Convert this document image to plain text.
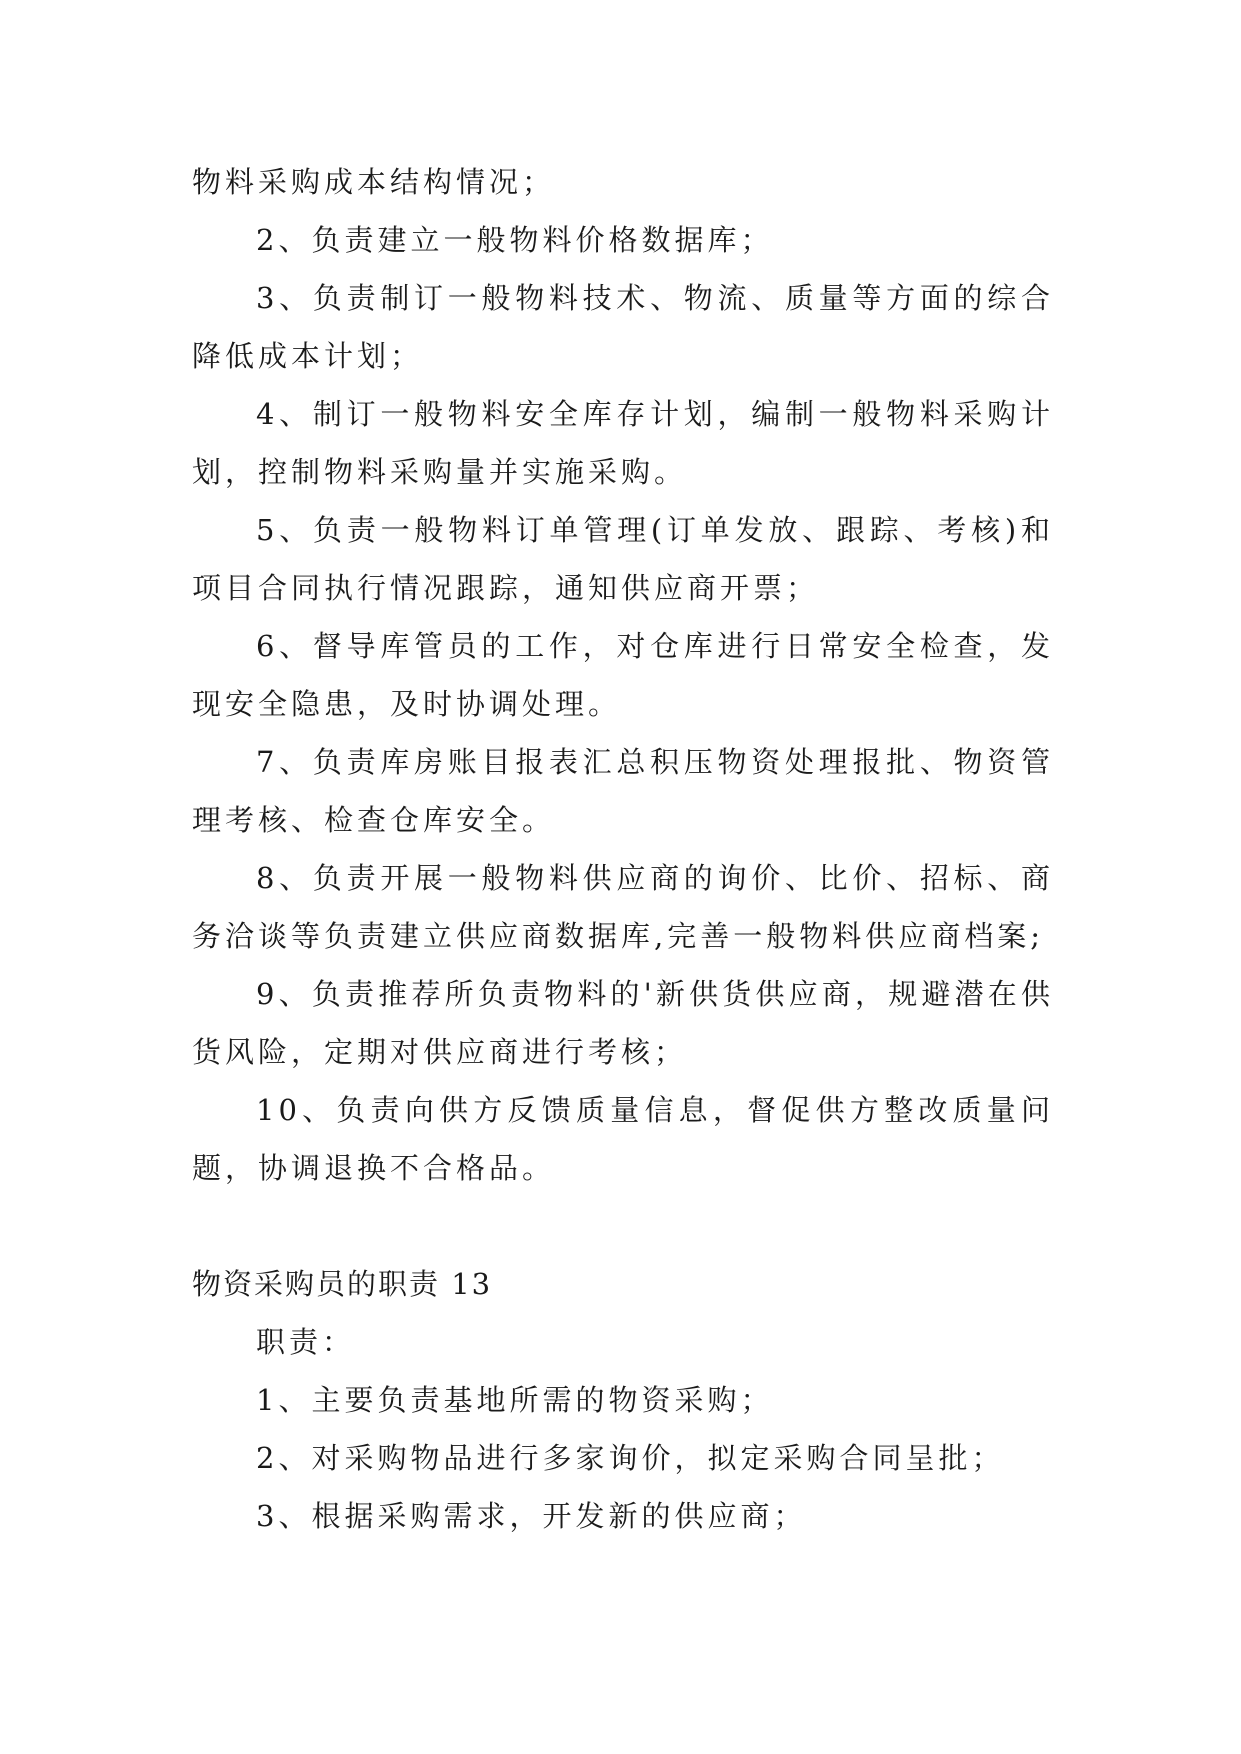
物料采购成本结构情况；

2、负责建立一般物料价格数据库；

3、负责制订一般物料技术、物流、质量等方面的综合降低成本计划；

4、制订一般物料安全库存计划，编制一般物料采购计划，控制物料采购量并实施采购。

5、负责一般物料订单管理(订单发放、跟踪、考核)和项目合同执行情况跟踪，通知供应商开票；

6、督导库管员的工作，对仓库进行日常安全检查，发现安全隐患，及时协调处理。

7、负责库房账目报表汇总积压物资处理报批、物资管理考核、检查仓库安全。

8、负责开展一般物料供应商的询价、比价、招标、商务洽谈等负责建立供应商数据库,完善一般物料供应商档案;

9、负责推荐所负责物料的'新供货供应商，规避潜在供货风险，定期对供应商进行考核；

10、负责向供方反馈质量信息，督促供方整改质量问题，协调退换不合格品。

物资采购员的职责 13

职责：

1、主要负责基地所需的物资采购；

2、对采购物品进行多家询价，拟定采购合同呈批；

3、根据采购需求，开发新的供应商；
